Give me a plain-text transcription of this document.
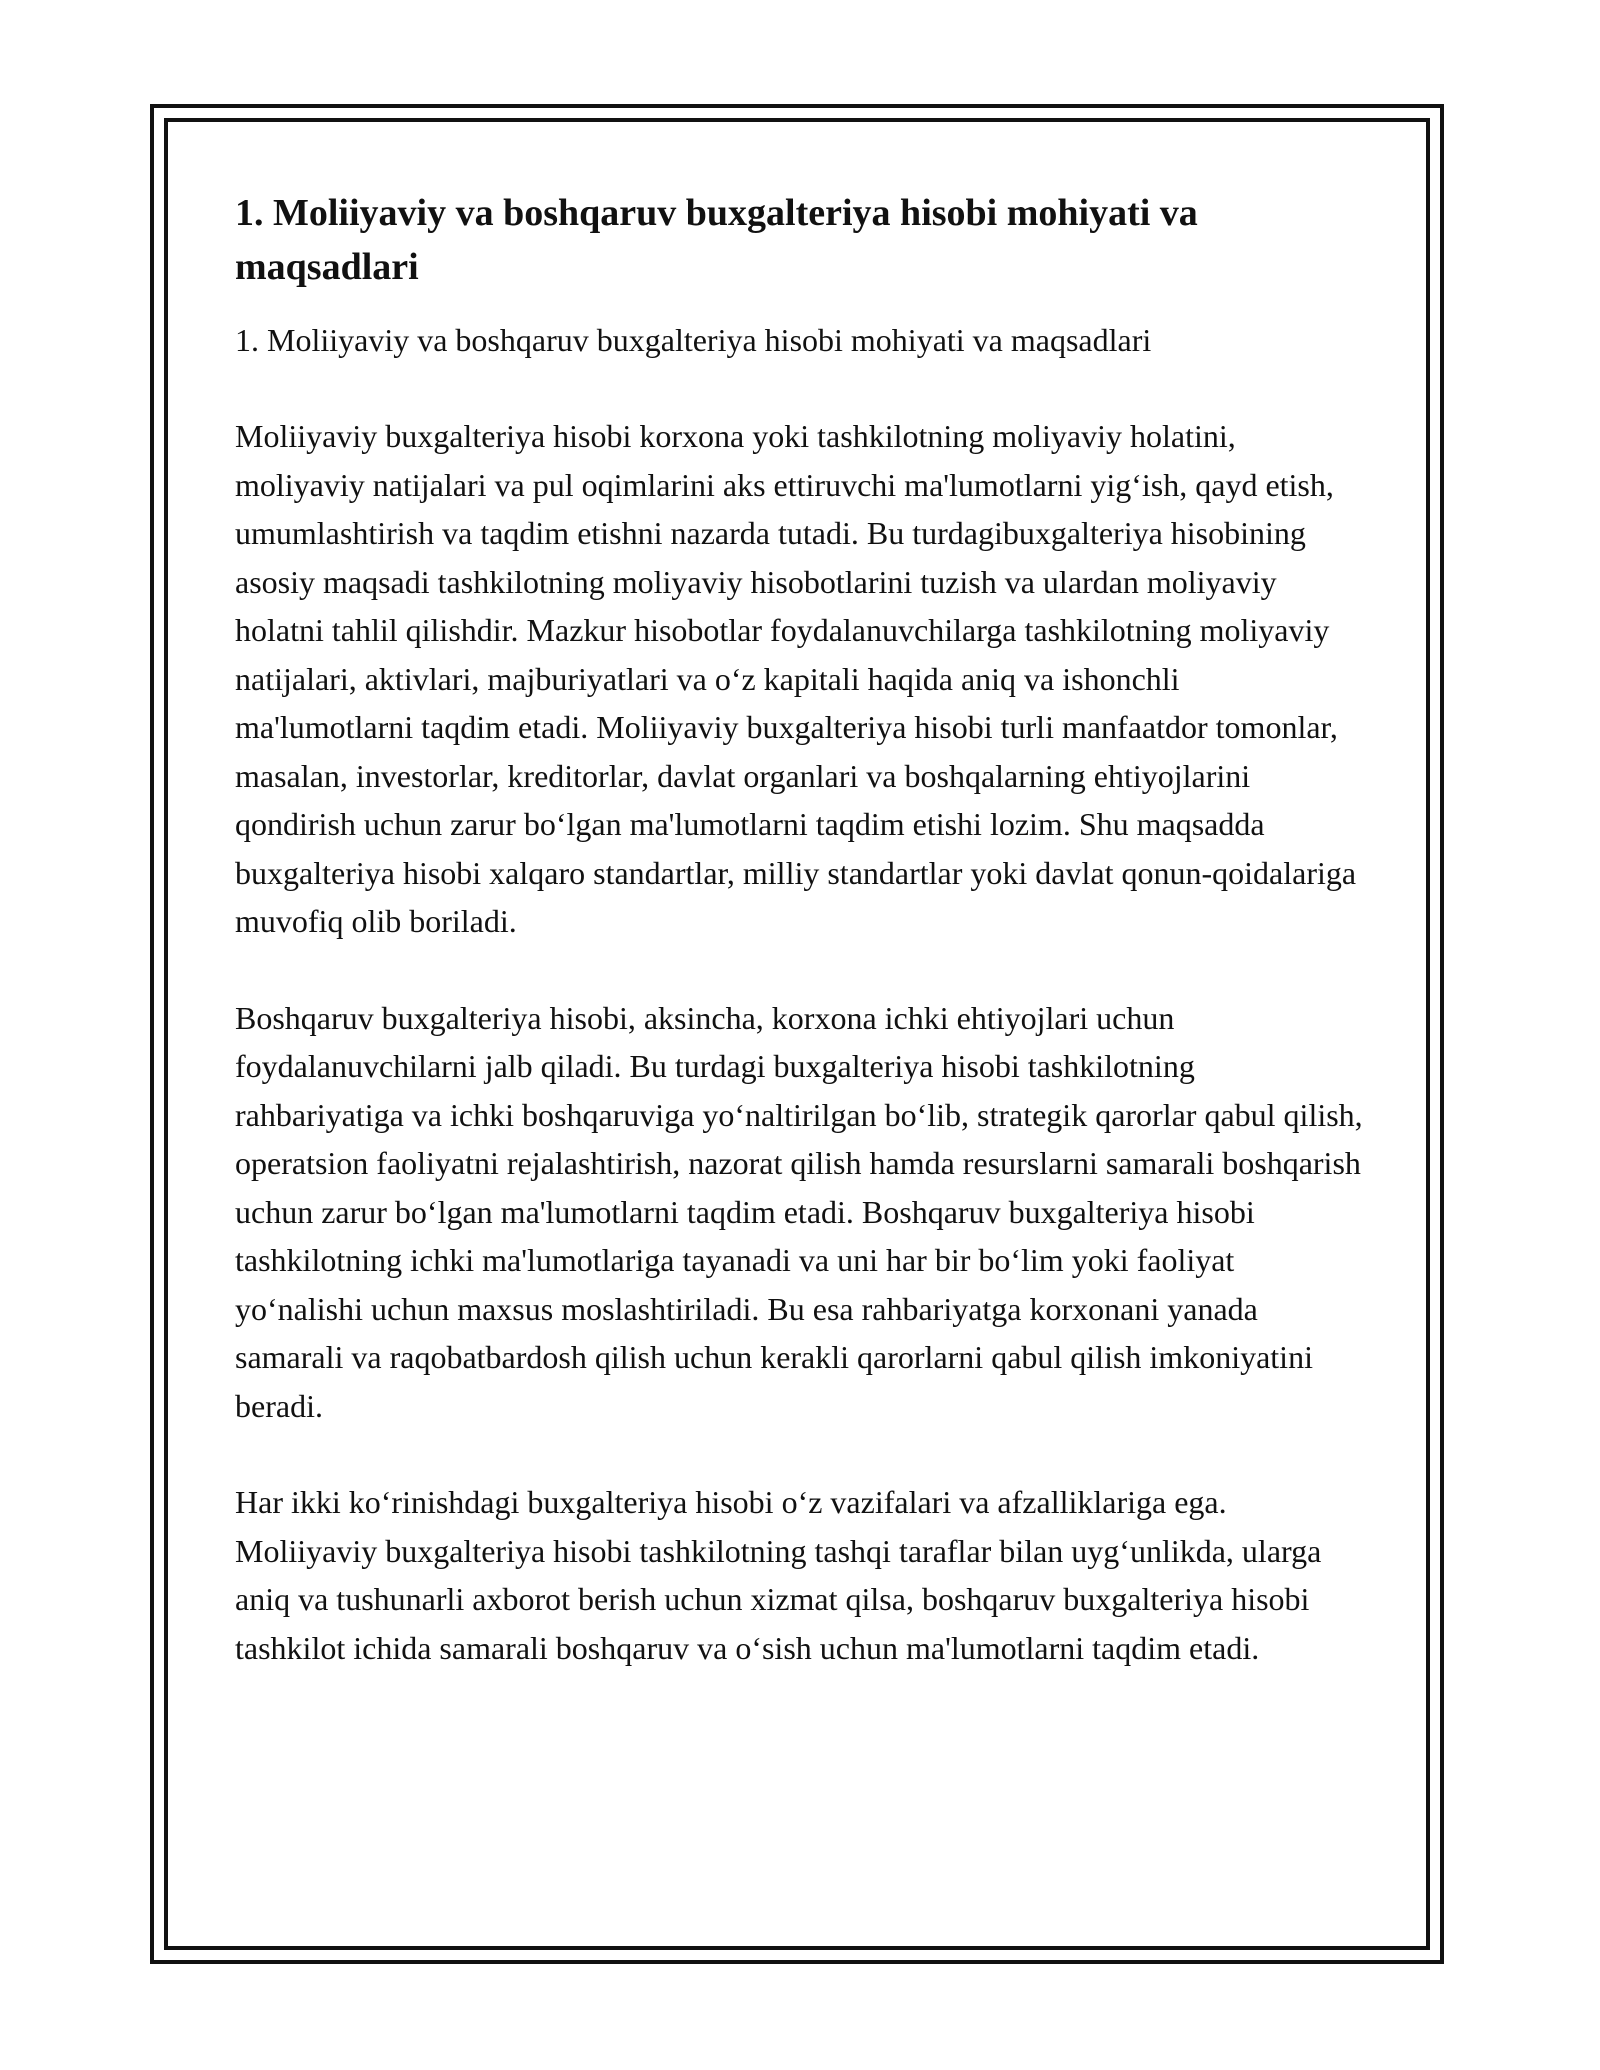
1. Moliiyaviy va boshqaruv buxgalteriya hisobi mohiyati va maqsadlari

1. Moliiyaviy va boshqaruv buxgalteriya hisobi mohiyati va maqsadlari

Moliiyaviy buxgalteriya hisobi korxona yoki tashkilotning moliyaviy holatini, moliyaviy natijalari va pul oqimlarini aks ettiruvchi ma'lumotlarni yig‘ish, qayd etish, umumlashtirish va taqdim etishni nazarda tutadi. Bu turdagibuxgalteriya hisobining asosiy maqsadi tashkilotning moliyaviy hisobotlarini tuzish va ulardan moliyaviy holatni tahlil qilishdir. Mazkur hisobotlar foydalanuvchilarga tashkilotning moliyaviy natijalari, aktivlari, majburiyatlari va o‘z kapitali haqida aniq va ishonchli ma'lumotlarni taqdim etadi. Moliiyaviy buxgalteriya hisobi turli manfaatdor tomonlar, masalan, investorlar, kreditorlar, davlat organlari va boshqalarning ehtiyojlarini qondirish uchun zarur bo‘lgan ma'lumotlarni taqdim etishi lozim. Shu maqsadda buxgalteriya hisobi xalqaro standartlar, milliy standartlar yoki davlat qonun-qoidalariga muvofiq olib boriladi.

Boshqaruv buxgalteriya hisobi, aksincha, korxona ichki ehtiyojlari uchun foydalanuvchilarni jalb qiladi. Bu turdagi buxgalteriya hisobi tashkilotning rahbariyatiga va ichki boshqaruviga yo‘naltirilgan bo‘lib, strategik qarorlar qabul qilish, operatsion faoliyatni rejalashtirish, nazorat qilish hamda resurslarni samarali boshqarish uchun zarur bo‘lgan ma'lumotlarni taqdim etadi. Boshqaruv buxgalteriya hisobi tashkilotning ichki ma'lumotlariga tayanadi va uni har bir bo‘lim yoki faoliyat yo‘nalishi uchun maxsus moslashtiriladi. Bu esa rahbariyatga korxonani yanada samarali va raqobatbardosh qilish uchun kerakli qarorlarni qabul qilish imkoniyatini beradi.

Har ikki ko‘rinishdagi buxgalteriya hisobi o‘z vazifalari va afzalliklariga ega. Moliiyaviy buxgalteriya hisobi tashkilotning tashqi taraflar bilan uyg‘unlikda, ularga aniq va tushunarli axborot berish uchun xizmat qilsa, boshqaruv buxgalteriya hisobi tashkilot ichida samarali boshqaruv va o‘sish uchun ma'lumotlarni taqdim etadi.
